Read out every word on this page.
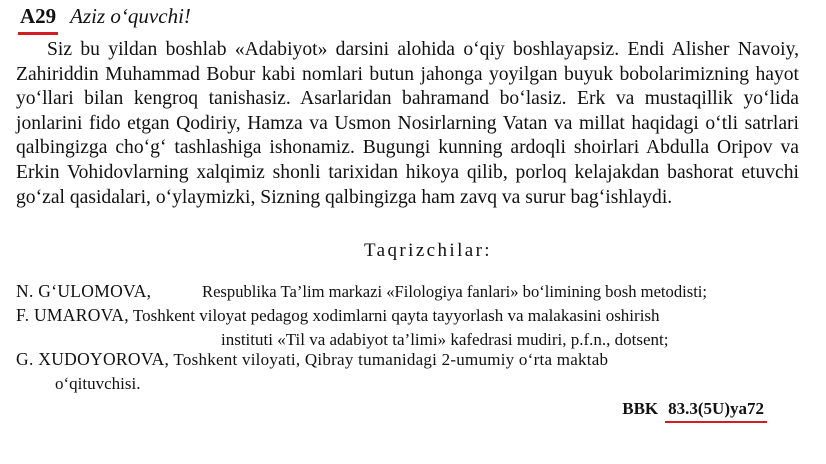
A29 Aziz o‘quvchi!

Siz bu yildan boshlab «Adabiyot» darsini alohida o‘qiy boshlayapsiz. Endi Alisher Navoiy, Zahiriddin Muhammad Bobur kabi nomlari butun jahonga yoyilgan buyuk bobolarimizning hayot yo‘llari bilan kengroq tanishasiz. Asarlaridan bahramand bo‘lasiz. Erk va mustaqillik yo‘lida jonlarini fido etgan Qodiriy, Hamza va Usmon Nosirlarning Vatan va millat haqidagi o‘tli satrlari qalbingizga cho‘g‘ tashlashiga ishonamiz. Bugungi kunning ardoqli shoirlari Abdulla Oripov va Erkin Vohidovlarning xalqimiz shonli tarixidan hikoya qilib, porloq kelajakdan bashorat etuvchi go‘zal qasidalari, o‘ylaymizki, Sizning qalbingizga ham zavq va surur bag‘ishlaydi.

Taqrizchilar:
N. G‘ULOMOVA,	Respublika Ta’lim markazi «Filologiya fanlari» bo‘limining bosh metodisti;
F. UMAROVA, Toshkent viloyat pedagog xodimlarni qayta tayyorlash va malakasini oshirish
instituti «Til va adabiyot ta’limi» kafedrasi mudiri, p.f.n., dotsent;
G. XUDOYOROVA, Toshkent viloyati, Qibray tumanidagi 2-umumiy o‘rta maktab
o‘qituvchisi.
BBK 83.3(5U)ya72
